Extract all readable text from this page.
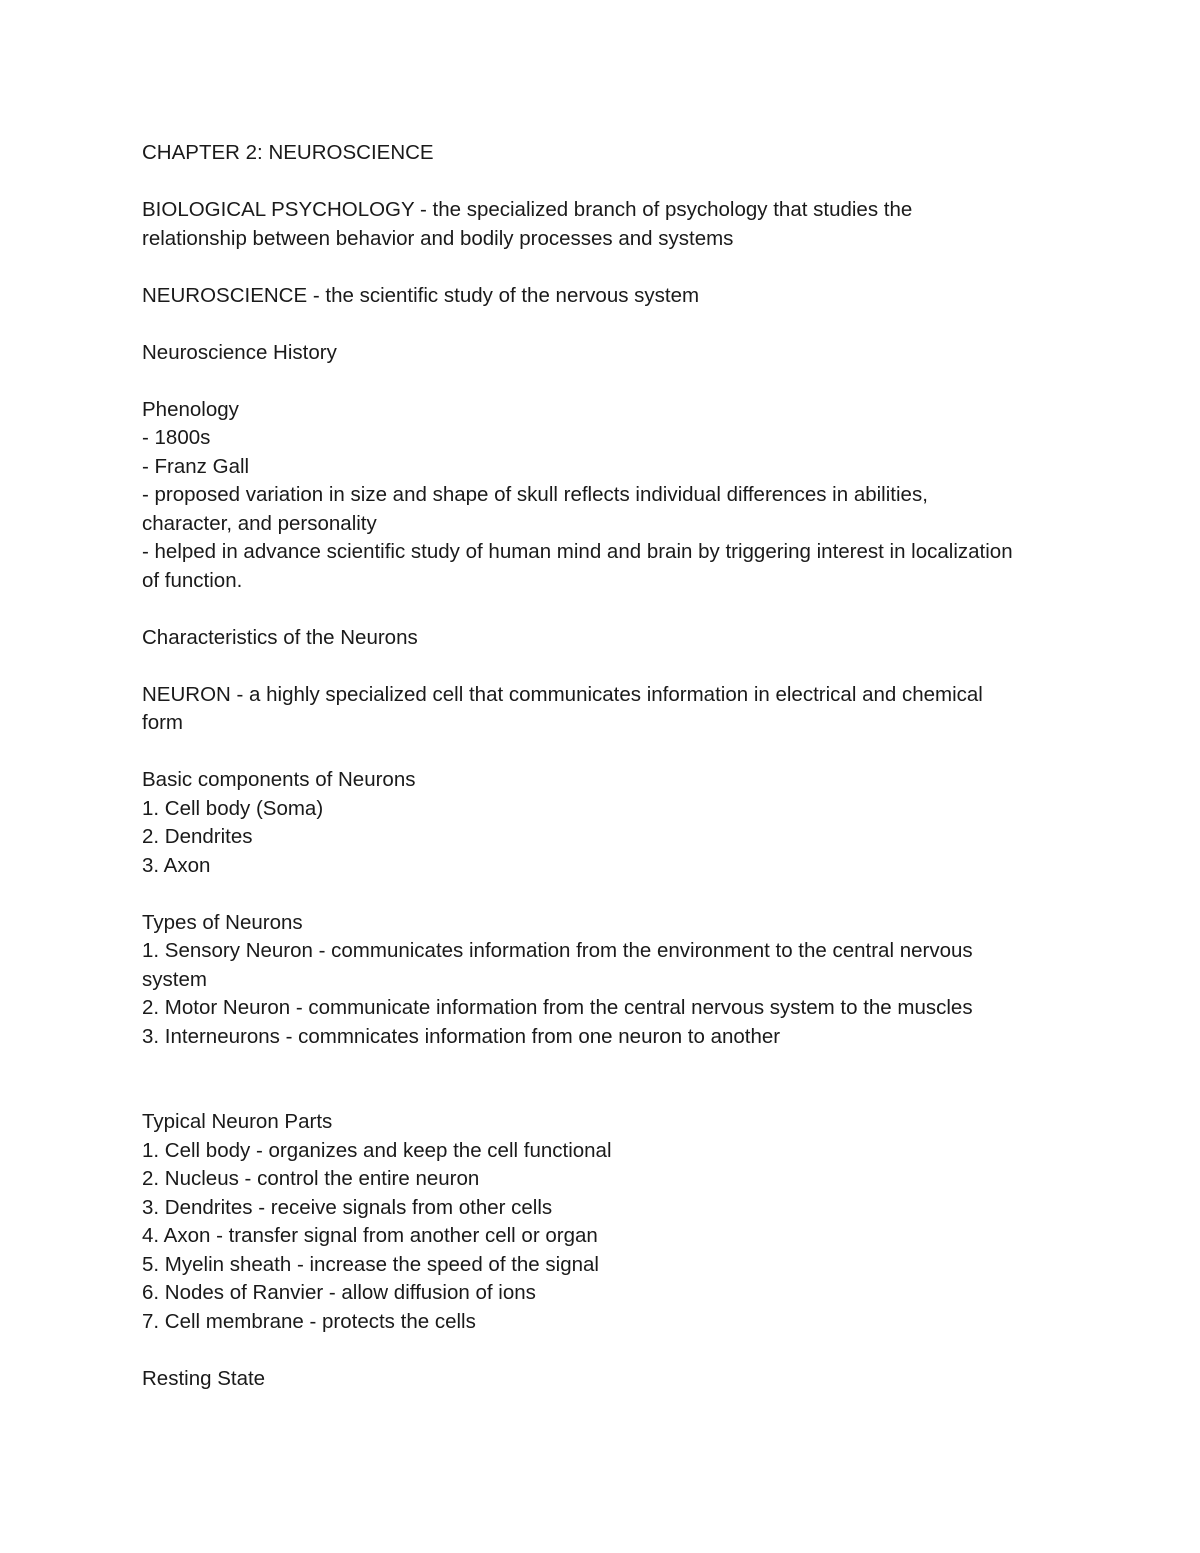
CHAPTER 2: NEUROSCIENCE
BIOLOGICAL PSYCHOLOGY - the specialized branch of psychology that studies the
relationship between behavior and bodily processes and systems
NEUROSCIENCE - the scientific study of the nervous system
Neuroscience History
Phenology
- 1800s
- Franz Gall
- proposed variation in size and shape of skull reflects individual differences in abilities,
character, and personality
- helped in advance scientific study of human mind and brain by triggering interest in localization
of function.
Characteristics of the Neurons
NEURON - a highly specialized cell that communicates information in electrical and chemical
form
Basic components of Neurons
1. Cell body (Soma)
2. Dendrites
3. Axon
Types of Neurons
1. Sensory Neuron - communicates information from the environment to the central nervous
system
2. Motor Neuron - communicate information from the central nervous system to the muscles
3. Interneurons - commnicates information from one neuron to another
Typical Neuron Parts
1. Cell body - organizes and keep the cell functional
2. Nucleus - control the entire neuron
3. Dendrites - receive signals from other cells
4. Axon - transfer signal from another cell or organ
5. Myelin sheath - increase the speed of the signal
6. Nodes of Ranvier - allow diffusion of ions
7. Cell membrane - protects the cells
Resting State
